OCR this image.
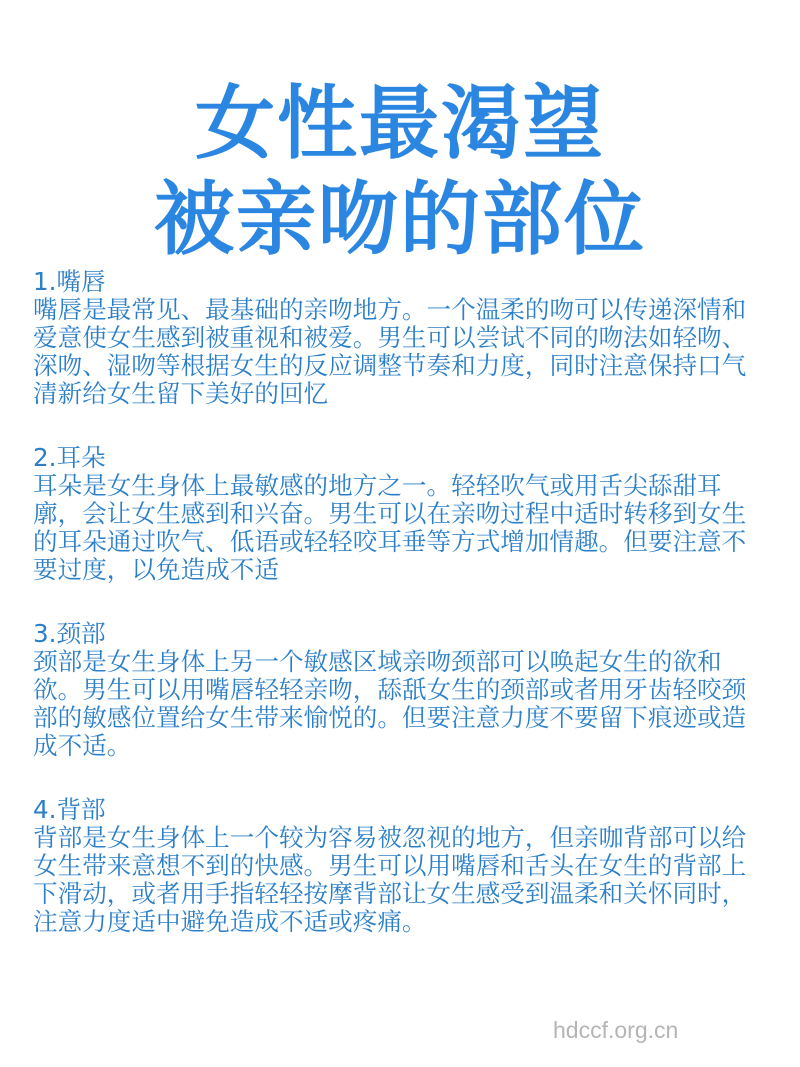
女性最渴望
被亲吻的部位
1.嘴唇
嘴唇是最常见、最基础的亲吻地方。一个温柔的吻可以传递深情和爱意使女生感到被重视和被爱。男生可以尝试不同的吻法如轻吻、深吻、湿吻等根据女生的反应调整节奏和力度，同时注意保持口气清新给女生留下美好的回忆
2.耳朵
耳朵是女生身体上最敏感的地方之一。轻轻吹气或用舌尖舔甜耳廓，会让女生感到和兴奋。男生可以在亲吻过程中适时转移到女生的耳朵通过吹气、低语或轻轻咬耳垂等方式增加情趣。但要注意不要过度，以免造成不适
3.颈部
颈部是女生身体上另一个敏感区域亲吻颈部可以唤起女生的欲和欲。男生可以用嘴唇轻轻亲吻，舔舐女生的颈部或者用牙齿轻咬颈部的敏感位置给女生带来愉悦的。但要注意力度不要留下痕迹或造成不适。
4.背部
背部是女生身体上一个较为容易被忽视的地方，但亲咖背部可以给女生带来意想不到的快感。男生可以用嘴唇和舌头在女生的背部上下滑动，或者用手指轻轻按摩背部让女生感受到温柔和关怀同时，注意力度适中避免造成不适或疼痛。
hdccf.org.cn
